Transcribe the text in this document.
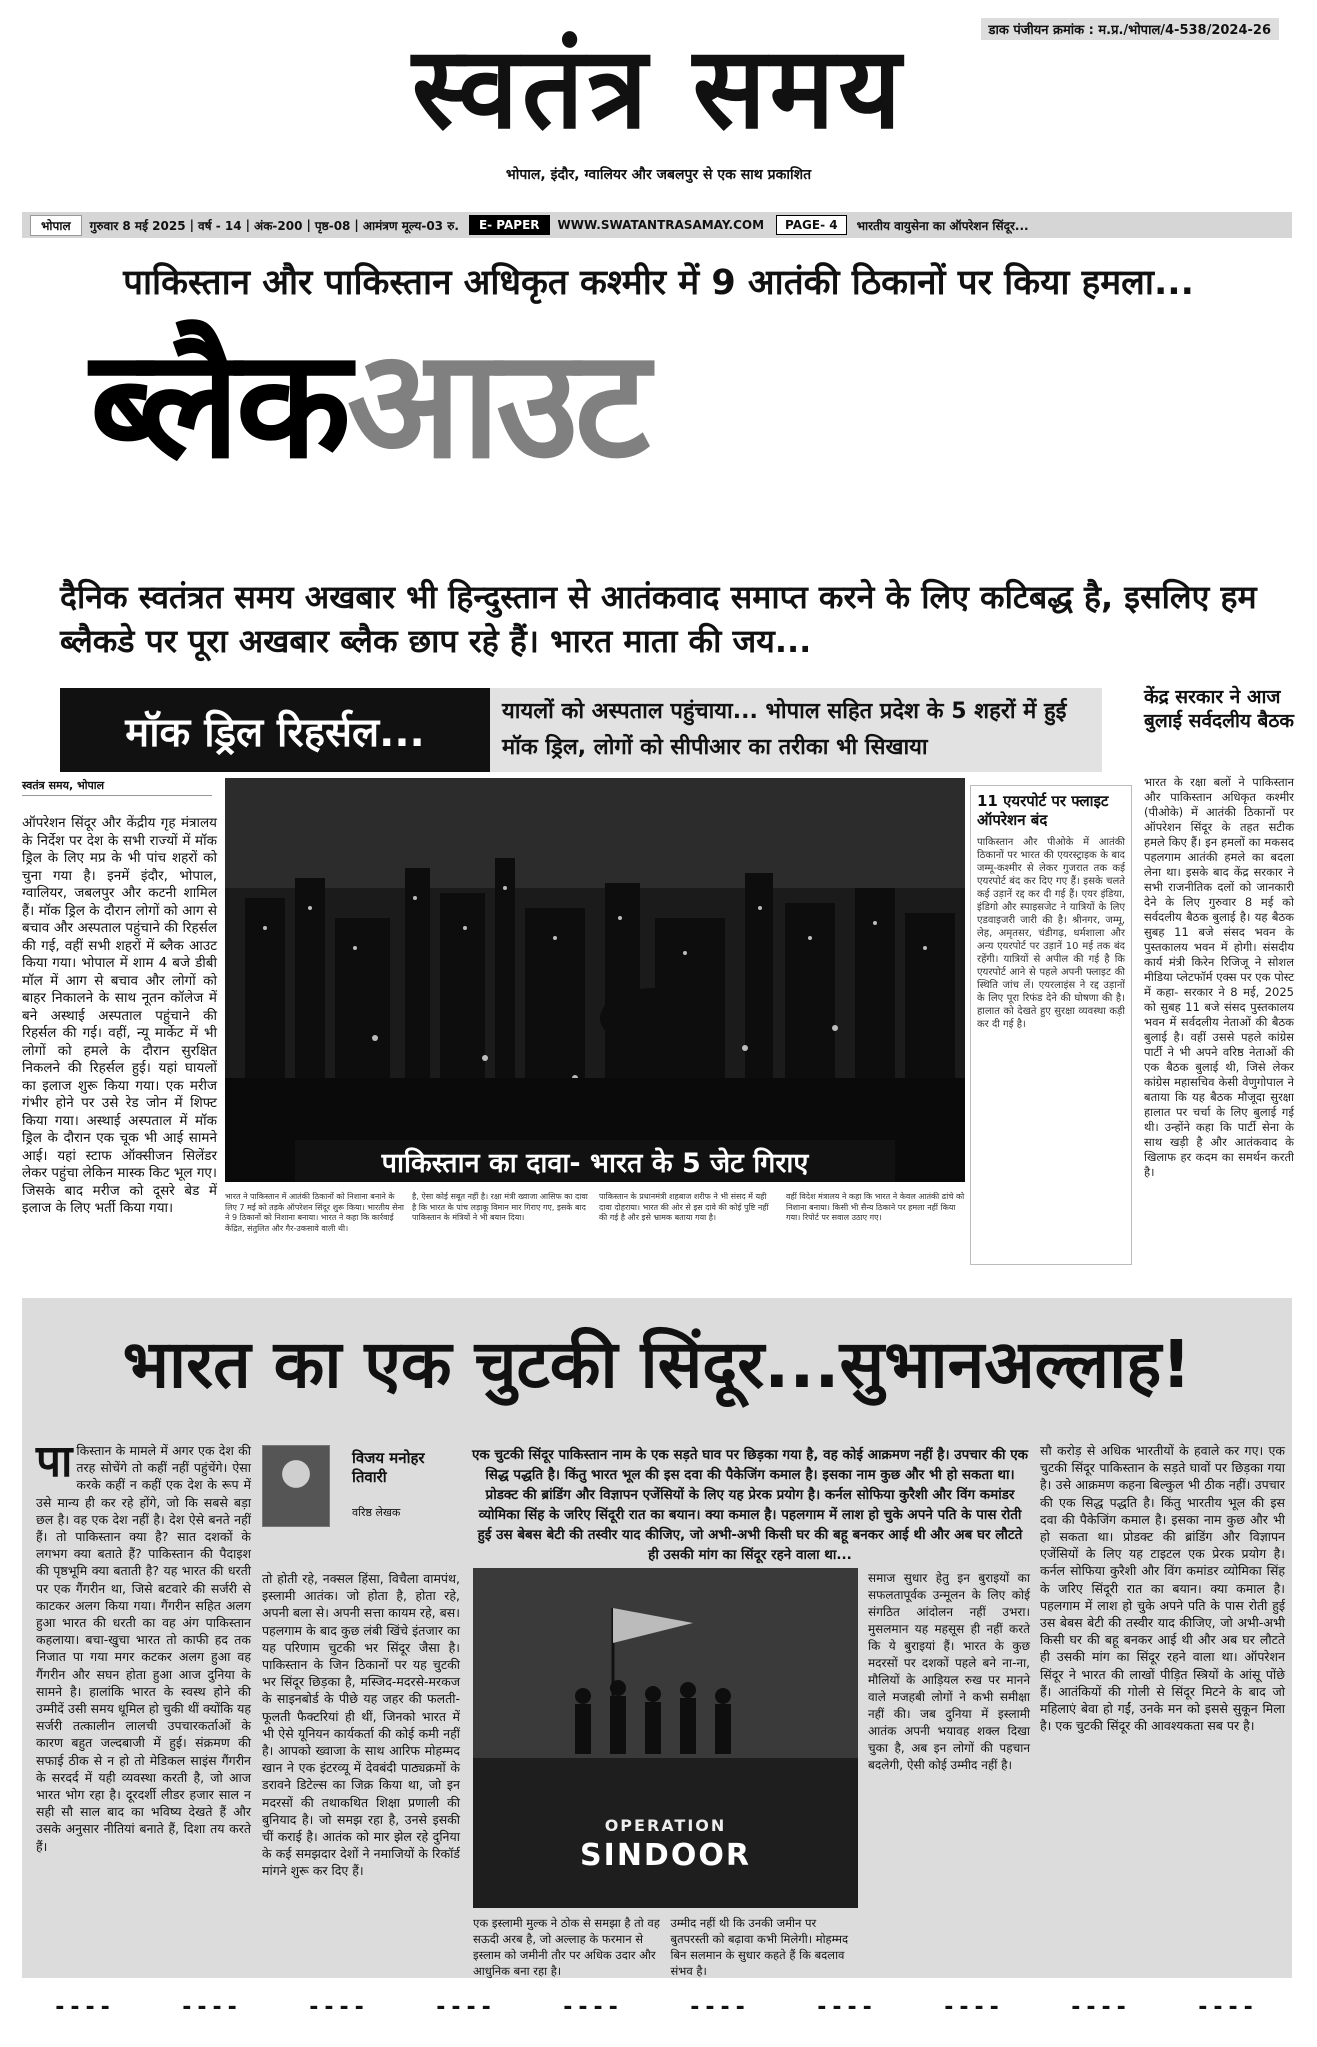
डाक पंजीयन क्रमांक : म.प्र./भोपाल/4-538/2024-26
स्वतंत्र समय
भोपाल, इंदौर, ग्वालियर और जबलपुर से एक साथ प्रकाशित
भोपाल	गुरुवार 8 मई 2025 | वर्ष - 14 | अंक-200 | पृष्ठ-08 | आमंत्रण मूल्य-03 रु.	E- PAPER	WWW.SWATANTRASAMAY.COM	PAGE- 4	भारतीय वायुसेना का ऑपरेशन सिंदूर...
पाकिस्तान और पाकिस्तान अधिकृत कश्मीर में 9 आतंकी ठिकानों पर किया हमला...
ब्लैकआउट
दैनिक स्वतंत्रत समय अखबार भी हिन्दुस्तान से आतंकवाद समाप्त करने के लिए कटिबद्ध है, इसलिए हम ब्लैकडे पर पूरा अखबार ब्लैक छाप रहे हैं। भारत माता की जय...
मॉक ड्रिल रिहर्सल...	यायलों को अस्पताल पहुंचाया... भोपाल सहित प्रदेश के 5 शहरों में हुई मॉक ड्रिल, लोगों को सीपीआर का तरीका भी सिखाया
केंद्र सरकार ने आज बुलाई सर्वदलीय बैठक
स्वतंत्र समय, भोपाल
ऑपरेशन सिंदूर और केंद्रीय गृह मंत्रालय के निर्देश पर देश के सभी राज्यों में मॉक ड्रिल के लिए मप्र के भी पांच शहरों को चुना गया है। इनमें इंदौर, भोपाल, ग्वालियर, जबलपुर और कटनी शामिल हैं। मॉक ड्रिल के दौरान लोगों को आग से बचाव और अस्पताल पहुंचाने की रिहर्सल की गई, वहीं सभी शहरों में ब्लैक आउट किया गया। भोपाल में शाम 4 बजे डीबी मॉल में आग से बचाव और लोगों को बाहर निकालने के साथ नूतन कॉलेज में बने अस्थाई अस्पताल पहुंचाने की रिहर्सल की गई। वहीं, न्यू मार्केट में भी लोगों को हमले के दौरान सुरक्षित निकलने की रिहर्सल हुई। यहां घायलों का इलाज शुरू किया गया। एक मरीज गंभीर होने पर उसे रेड जोन में शिफ्ट किया गया। अस्थाई अस्पताल में मॉक ड्रिल के दौरान एक चूक भी आई सामने आई। यहां स्टाफ ऑक्सीजन सिलेंडर लेकर पहुंचा लेकिन मास्क किट भूल गए। जिसके बाद मरीज को दूसरे बेड में इलाज के लिए भर्ती किया गया।
पाकिस्तान का दावा- भारत के 5 जेट गिराए
भारत ने पाकिस्तान में आतंकी ठिकानों को निशाना बनाने के लिए 7 मई को तड़के ऑपरेशन सिंदूर शुरू किया। भारतीय सेना ने 9 ठिकानों को निशाना बनाया। भारत ने कहा कि कार्रवाई केंद्रित, संतुलित और गैर-उकसावे वाली थी।
है, ऐसा कोई सबूत नहीं है। रक्षा मंत्री ख्वाजा आसिफ का दावा है कि भारत के पांच लड़ाकू विमान मार गिराए गए, इसके बाद पाकिस्तान के मंत्रियों ने भी बयान दिया।
पाकिस्तान के प्रधानमंत्री शहबाज शरीफ ने भी संसद में यही दावा दोहराया। भारत की ओर से इस दावे की कोई पुष्टि नहीं की गई है और इसे भ्रामक बताया गया है।
वहीं विदेश मंत्रालय ने कहा कि भारत ने केवल आतंकी ढांचे को निशाना बनाया। किसी भी सैन्य ठिकाने पर हमला नहीं किया गया। रिपोर्ट पर सवाल उठाए गए।
11 एयरपोर्ट पर फ्लाइट ऑपरेशन बंद

पाकिस्तान और पीओके में आतंकी ठिकानों पर भारत की एयरस्ट्राइक के बाद जम्मू-कश्मीर से लेकर गुजरात तक कई एयरपोर्ट बंद कर दिए गए हैं। इसके चलते कई उड़ानें रद्द कर दी गई हैं। एयर इंडिया, इंडिगो और स्पाइसजेट ने यात्रियों के लिए एडवाइजरी जारी की है। श्रीनगर, जम्मू, लेह, अमृतसर, चंडीगढ़, धर्मशाला और अन्य एयरपोर्ट पर उड़ानें 10 मई तक बंद रहेंगी। यात्रियों से अपील की गई है कि एयरपोर्ट आने से पहले अपनी फ्लाइट की स्थिति जांच लें। एयरलाइंस ने रद्द उड़ानों के लिए पूरा रिफंड देने की घोषणा की है। हालात को देखते हुए सुरक्षा व्यवस्था कड़ी कर दी गई है।

भारत के रक्षा बलों ने पाकिस्तान और पाकिस्तान अधिकृत कश्मीर (पीओके) में आतंकी ठिकानों पर ऑपरेशन सिंदूर के तहत सटीक हमले किए हैं। इन हमलों का मकसद पहलगाम आतंकी हमले का बदला लेना था। इसके बाद केंद्र सरकार ने सभी राजनीतिक दलों को जानकारी देने के लिए गुरुवार 8 मई को सर्वदलीय बैठक बुलाई है। यह बैठक सुबह 11 बजे संसद भवन के पुस्तकालय भवन में होगी। संसदीय कार्य मंत्री किरेन रिजिजू ने सोशल मीडिया प्लेटफॉर्म एक्स पर एक पोस्ट में कहा- सरकार ने 8 मई, 2025 को सुबह 11 बजे संसद पुस्तकालय भवन में सर्वदलीय नेताओं की बैठक बुलाई है। वहीं उससे पहले कांग्रेस पार्टी ने भी अपने वरिष्ठ नेताओं की एक बैठक बुलाई थी, जिसे लेकर कांग्रेस महासचिव केसी वेणुगोपाल ने बताया कि यह बैठक मौजूदा सुरक्षा हालात पर चर्चा के लिए बुलाई गई थी। उन्होंने कहा कि पार्टी सेना के साथ खड़ी है और आतंकवाद के खिलाफ हर कदम का समर्थन करती है।
भारत का एक चुटकी सिंदूर...सुभानअल्लाह!
पाकिस्तान के मामले में अगर एक देश की तरह सोचेंगे तो कहीं नहीं पहुंचेंगे। ऐसा करके कहीं न कहीं एक देश के रूप में उसे मान्य ही कर रहे होंगे, जो कि सबसे बड़ा छल है। वह एक देश नहीं है। देश ऐसे बनते नहीं हैं। तो पाकिस्तान क्या है? सात दशकों के लगभग क्या बताते हैं? पाकिस्तान की पैदाइश की पृष्ठभूमि क्या बताती है? यह भारत की धरती पर एक गैंगरीन था, जिसे बटवारे की सर्जरी से काटकर अलग किया गया। गैंगरीन सहित अलग हुआ भारत की धरती का वह अंग पाकिस्तान कहलाया। बचा-खुचा भारत तो काफी हद तक निजात पा गया मगर कटकर अलग हुआ वह गैंगरीन और सघन होता हुआ आज दुनिया के सामने है। हालांकि भारत के स्वस्थ होने की उम्मीदें उसी समय धूमिल हो चुकी थीं क्योंकि यह सर्जरी तत्कालीन लालची उपचारकर्ताओं के कारण बहुत जल्दबाजी में हुई। संक्रमण की सफाई ठीक से न हो तो मेडिकल साइंस गैंगरीन के सरदर्द में यही व्यवस्था करती है, जो आज भारत भोग रहा है। दूरदर्शी लीडर हजार साल न सही सौ साल बाद का भविष्य देखते हैं और उसके अनुसार नीतियां बनाते हैं, दिशा तय करते हैं।
विजय मनोहर तिवारी
वरिष्ठ लेखक
एक चुटकी सिंदूर पाकिस्तान नाम के एक सड़ते घाव पर छिड़का गया है, वह कोई आक्रमण नहीं है। उपचार की एक सिद्ध पद्धति है। किंतु भारत भूल की इस दवा की पैकेजिंग कमाल है। इसका नाम कुछ और भी हो सकता था। प्रोडक्ट की ब्रांडिंग और विज्ञापन एजेंसियों के लिए यह प्रेरक प्रयोग है। कर्नल सोफिया कुरैशी और विंग कमांडर व्योमिका सिंह के जरिए सिंदूरी रात का बयान। क्या कमाल है। पहलगाम में लाश हो चुके अपने पति के पास रोती हुई उस बेबस बेटी की तस्वीर याद कीजिए, जो अभी-अभी किसी घर की बहू बनकर आई थी और अब घर लौटते ही उसकी मांग का सिंदूर रहने वाला था...
तो होती रहे, नक्सल हिंसा, विचैला वामपंथ, इस्लामी आतंक। जो होता है, होता रहे, अपनी बला से। अपनी सत्ता कायम रहे, बस। पहलगाम के बाद कुछ लंबी खिंचे इंतजार का यह परिणाम चुटकी भर सिंदूर जैसा है। पाकिस्तान के जिन ठिकानों पर यह चुटकी भर सिंदूर छिड़का है, मस्जिद-मदरसे-मरकज के साइनबोर्ड के पीछे यह जहर की फलती-फूलती फैक्टरियां ही थीं, जिनको भारत में भी ऐसे यूनियन कार्यकर्ता की कोई कमी नहीं है। आपको ख्वाजा के साथ आरिफ मोहम्मद खान ने एक इंटरव्यू में देवबंदी पाठ्यक्रमों के डरावने डिटेल्स का जिक्र किया था, जो इन मदरसों की तथाकथित शिक्षा प्रणाली की बुनियाद है। जो समझ रहा है, उनसे इसकी चीं कराई है। आतंक को मार झेल रहे दुनिया के कई समझदार देशों ने नमाजियों के रिकॉर्ड मांगने शुरू कर दिए हैं।
OPERATION
SINDOOR
समाज सुधार हेतु इन बुराइयों का सफलतापूर्वक उन्मूलन के लिए कोई संगठित आंदोलन नहीं उभरा। मुसलमान यह महसूस ही नहीं करते कि ये बुराइयां हैं। भारत के कुछ मदरसों पर दशकों पहले बने ना-ना, मौलियों के आड़ियल रुख पर मानने वाले मजहबी लोगों ने कभी समीक्षा नहीं की। जब दुनिया में इस्लामी आतंक अपनी भयावह शक्ल दिखा चुका है, अब इन लोगों की पहचान बदलेगी, ऐसी कोई उम्मीद नहीं है।
सौ करोड़ से अधिक भारतीयों के हवाले कर गए। एक चुटकी सिंदूर पाकिस्तान के सड़ते घावों पर छिड़का गया है। उसे आक्रमण कहना बिल्कुल भी ठीक नहीं। उपचार की एक सिद्ध पद्धति है। किंतु भारतीय भूल की इस दवा की पैकेजिंग कमाल है। इसका नाम कुछ और भी हो सकता था। प्रोडक्ट की ब्रांडिंग और विज्ञापन एजेंसियों के लिए यह टाइटल एक प्रेरक प्रयोग है। कर्नल सोफिया कुरैशी और विंग कमांडर व्योमिका सिंह के जरिए सिंदूरी रात का बयान। क्या कमाल है। पहलगाम में लाश हो चुके अपने पति के पास रोती हुई उस बेबस बेटी की तस्वीर याद कीजिए, जो अभी-अभी किसी घर की बहू बनकर आई थी और अब घर लौटते ही उसकी मांग का सिंदूर रहने वाला था। ऑपरेशन सिंदूर ने भारत की लाखों पीड़ित स्त्रियों के आंसू पोंछे हैं। आतंकियों की गोली से सिंदूर मिटने के बाद जो महिलाएं बेवा हो गईं, उनके मन को इससे सुकून मिला है। एक चुटकी सिंदूर की आवश्यकता सब पर है।
एक इस्लामी मुल्क ने ठोक से समझा है तो वह सऊदी अरब है, जो अल्लाह के फरमान से इस्लाम को जमीनी तौर पर अधिक उदार और आधुनिक बना रहा है।
उम्मीद नहीं थी कि उनकी जमीन पर बुतपरस्ती को बढ़ावा कभी मिलेगी। मोहम्मद बिन सलमान के सुधार कहते हैं कि बदलाव संभव है।
----	----	----	----	----	----	----	----	----	----
